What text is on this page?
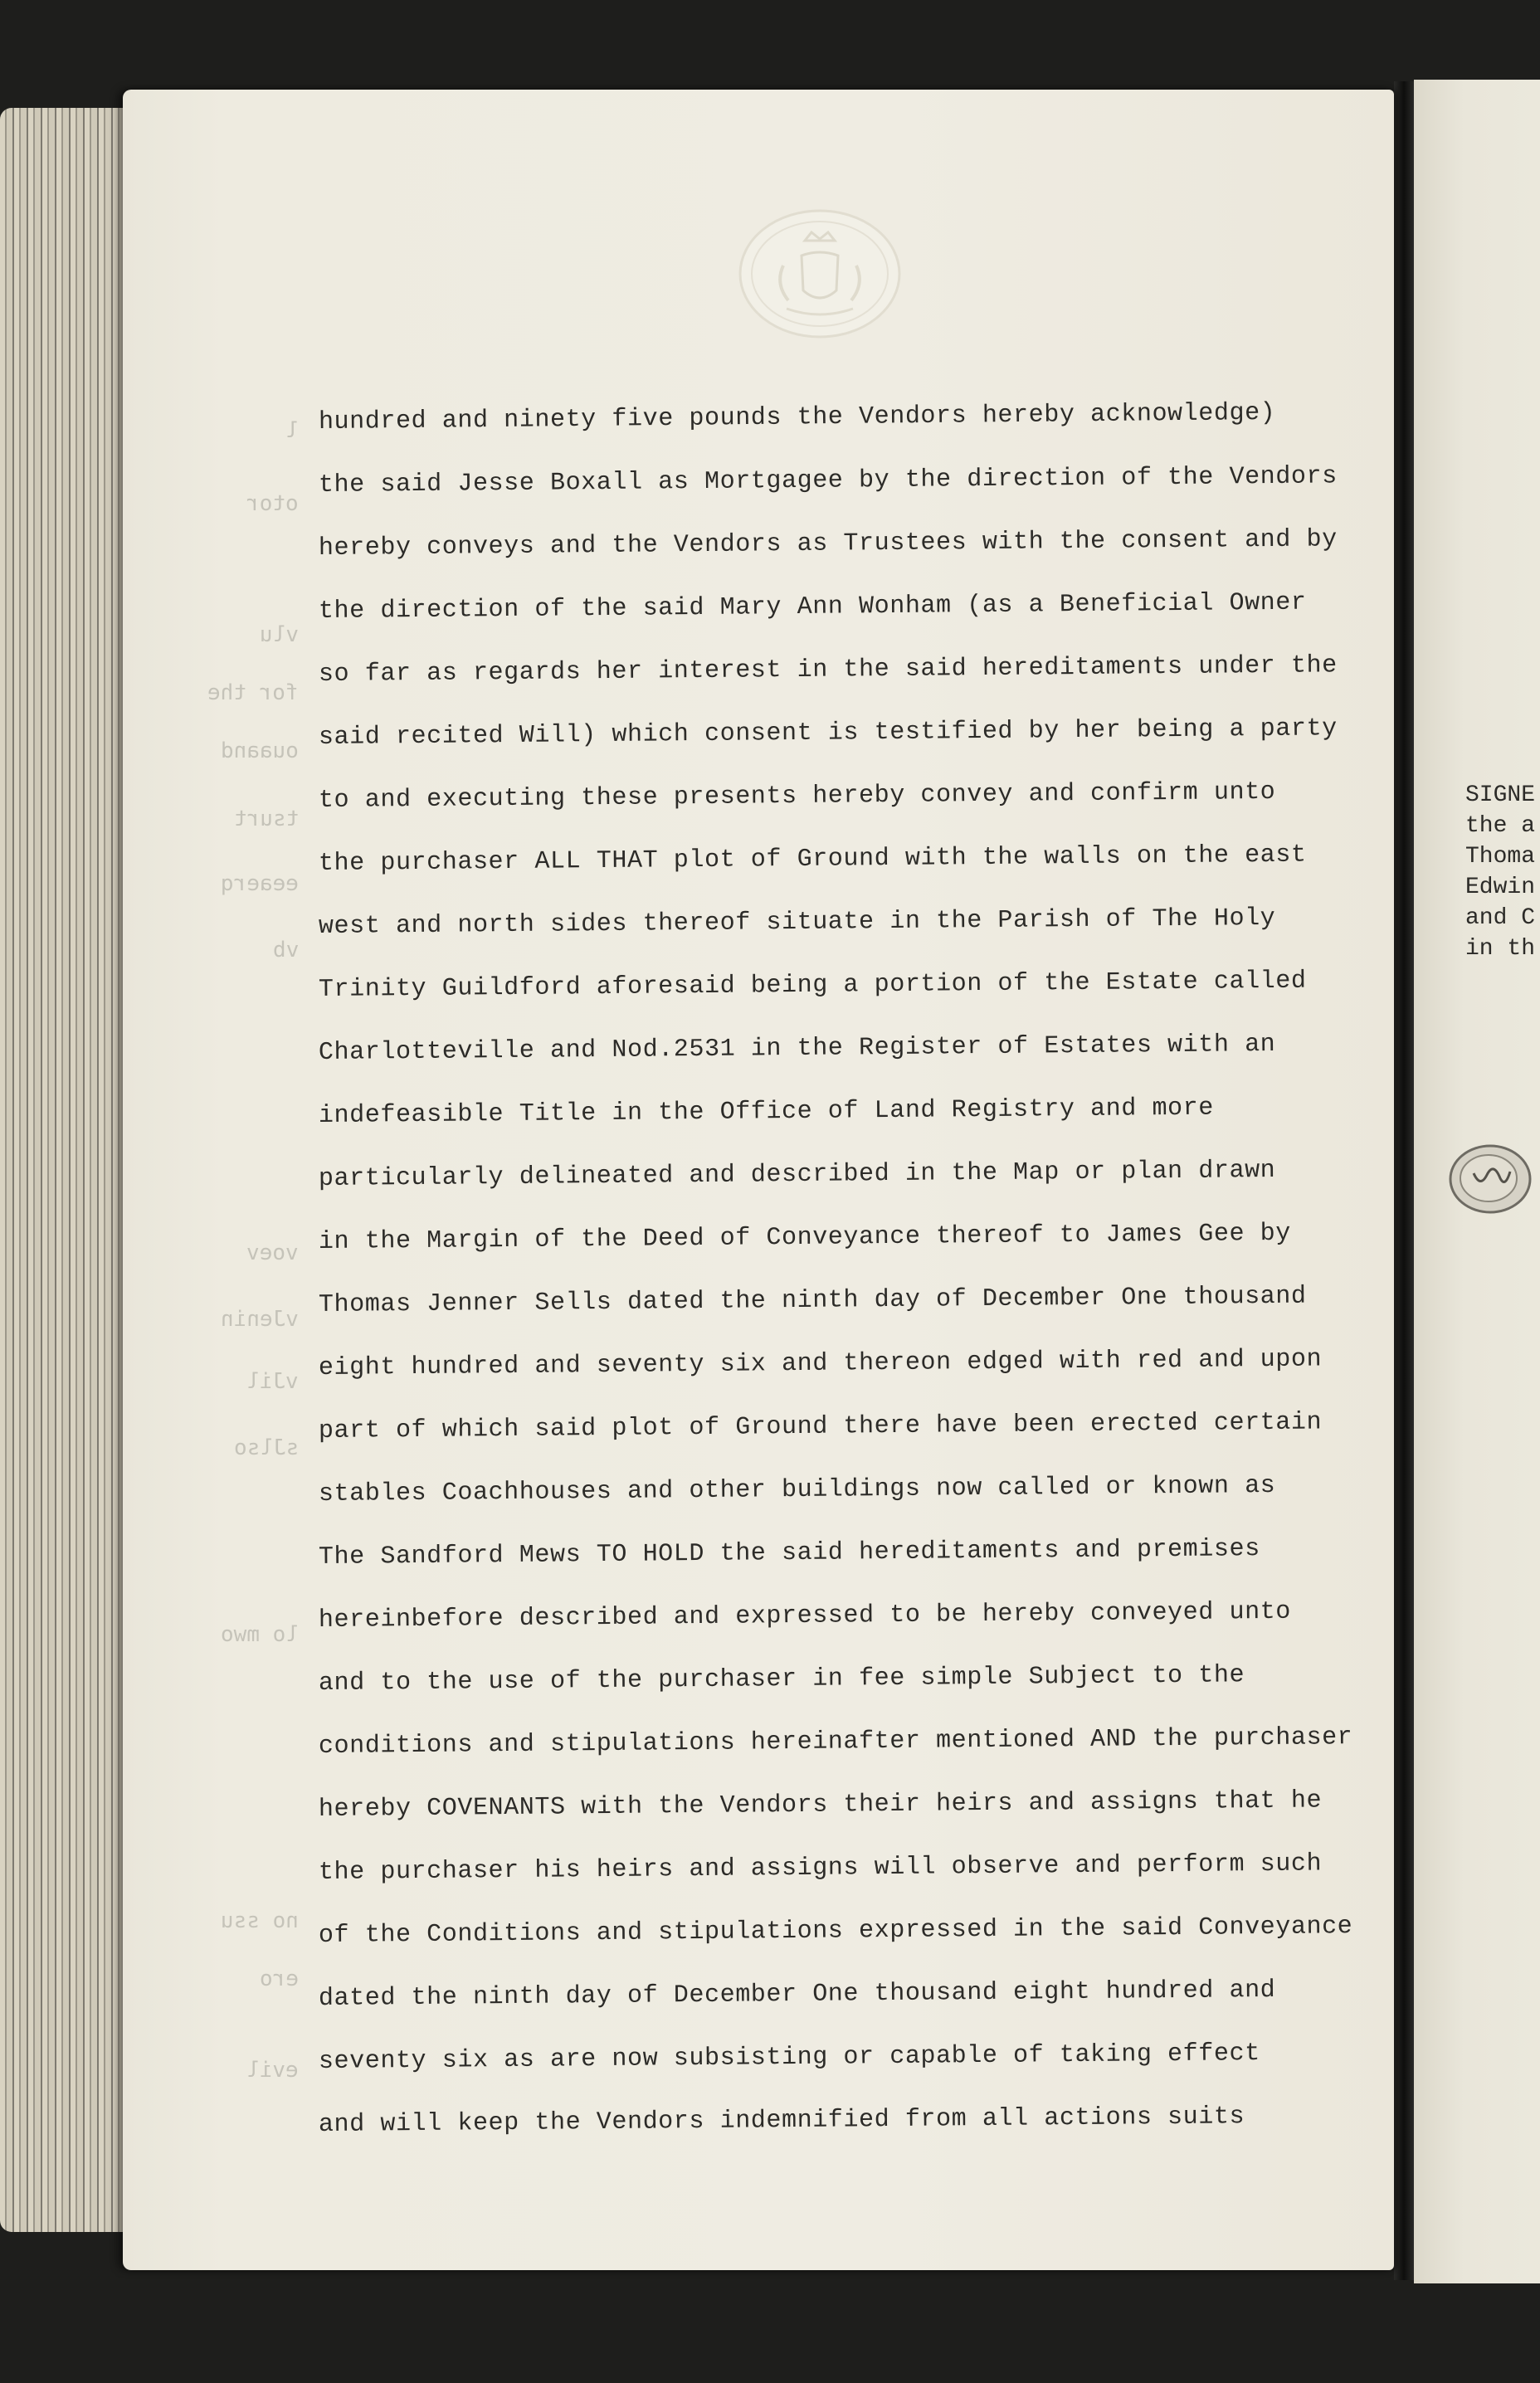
l
otor
vlu
for the
ouaand
tsurt
eeaerq
vb
voev
vJenin
vJil
sJlso
lo mwo
no ssu
ero
evil
hundred and ninety five pounds the Vendors hereby acknowledge)
the said Jesse Boxall as Mortgagee by the direction of the Vendors
hereby conveys and the Vendors as Trustees with the consent and by
the direction of the said Mary Ann Wonham (as a Beneficial Owner
so far as regards her interest in the said hereditaments under the
said recited Will) which consent is testified by her being a party
to and executing these presents hereby convey and confirm unto
the purchaser ALL THAT plot of Ground with the walls on the east
west and north sides thereof situate in the Parish of The Holy
Trinity Guildford aforesaid being a portion of the Estate called
Charlotteville and Nod.2531 in the Register of Estates with an
indefeasible Title in the Office of Land Registry and more
particularly delineated and described in the Map or plan drawn
in the Margin of the Deed of Conveyance thereof to James Gee by
Thomas Jenner Sells dated the ninth day of December One thousand
eight hundred and seventy six and thereon edged with red and upon
part of which said plot of Ground there have been erected certain
stables Coachhouses and other buildings now called or known as
The Sandford Mews TO HOLD the said hereditaments and premises
hereinbefore described and expressed to be hereby conveyed unto
and to the use of the purchaser in fee simple Subject to the
conditions and stipulations hereinafter mentioned AND the purchaser
hereby COVENANTS with the Vendors their heirs and assigns that he
the purchaser his heirs and assigns will observe and perform such
of the Conditions and stipulations expressed in the said Conveyance
dated the ninth day of December One thousand eight hundred and
seventy six as are now subsisting or capable of taking effect
and will keep the Vendors indemnified from all actions suits
SIGNE
the a
Thoma
Edwin
and C
in th
